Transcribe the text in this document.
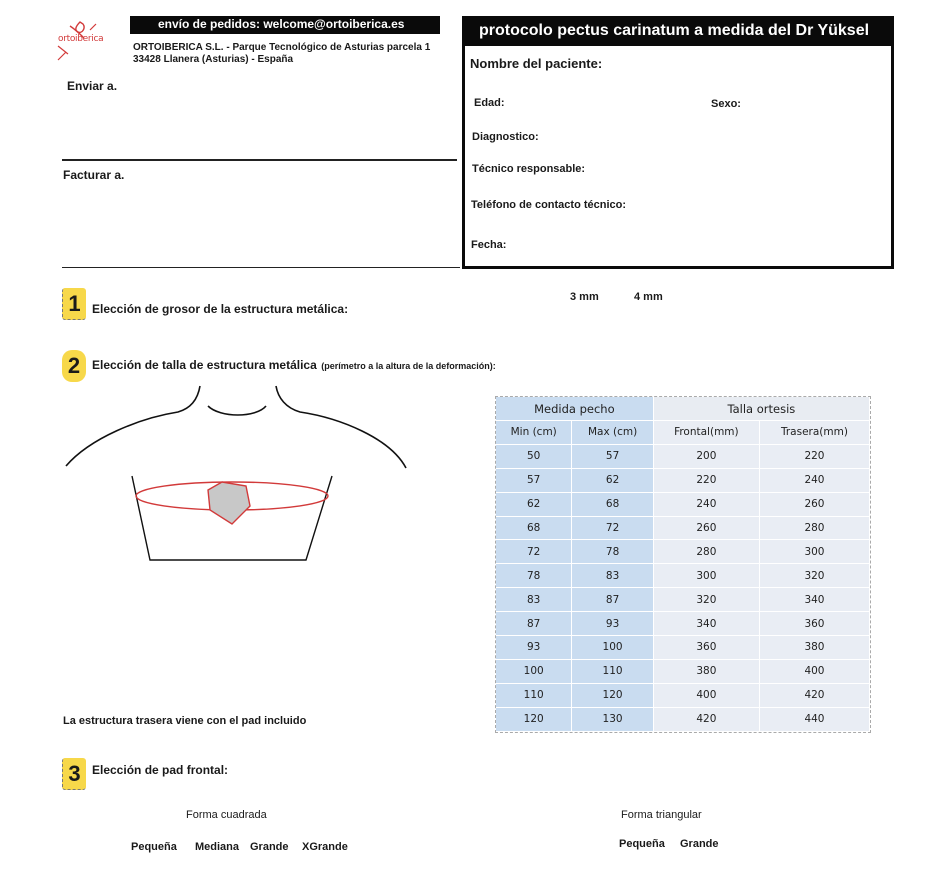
ortoiberica
envío de pedidos: welcome@ortoiberica.es
ORTOIBERICA S.L. - Parque Tecnológico de Asturias parcela 1
33428 Llanera (Asturias) - España
Enviar a.
Facturar a.
protocolo pectus carinatum a medida del Dr Yüksel
Nombre del paciente:
Edad:	Sexo:
Diagnostico:
Técnico responsable:
Teléfono de contacto técnico:
Fecha:
1 Elección de grosor de la estructura metálica:
3 mm	4 mm
2 Elección de talla de estructura metálica (perímetro a la altura de la deformación):
La estructura trasera viene con el pad incluido
Medida pecho		Talla ortesis	
Min (cm)	Max (cm)	Frontal(mm)	Trasera(mm)
50	57	200	220
57	62	220	240
62	68	240	260
68	72	260	280
72	78	280	300
78	83	300	320
83	87	320	340
87	93	340	360
93	100	360	380
100	110	380	400
110	120	400	420
120	130	420	440
3 Elección de pad frontal:
Forma cuadrada
Pequeña Mediana Grande XGrande
Forma triangular
Pequeña Grande
